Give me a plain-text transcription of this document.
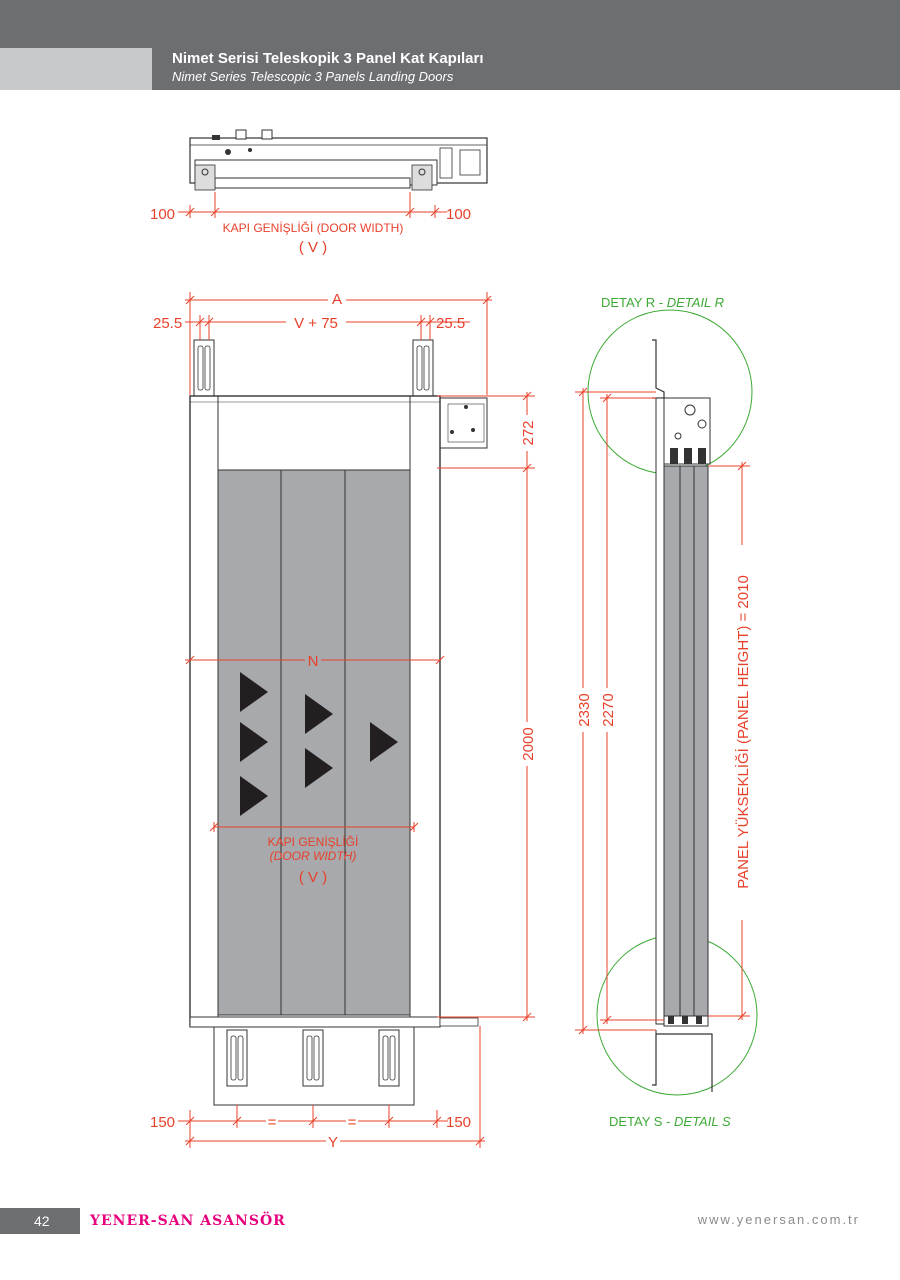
Nimet Serisi Teleskopik 3 Panel Kat Kapıları
Nimet Series Telescopic 3 Panels Landing Doors
100	100
KAPI GENİŞLİĞİ (DOOR WIDTH)
( V )
A
25.5	V + 75	25.5
272
2000
N
KAPI GENİŞLİĞİ
(DOOR WIDTH)
( V )
150	=	=	150
Y
2330 2270	PANEL YÜKSEKLİĞİ (PANEL HEIGHT) = 2010
DETAY R - DETAIL R
DETAY S - DETAIL S
42	YENER-SAN ASANSÖR	www.yenersan.com.tr
